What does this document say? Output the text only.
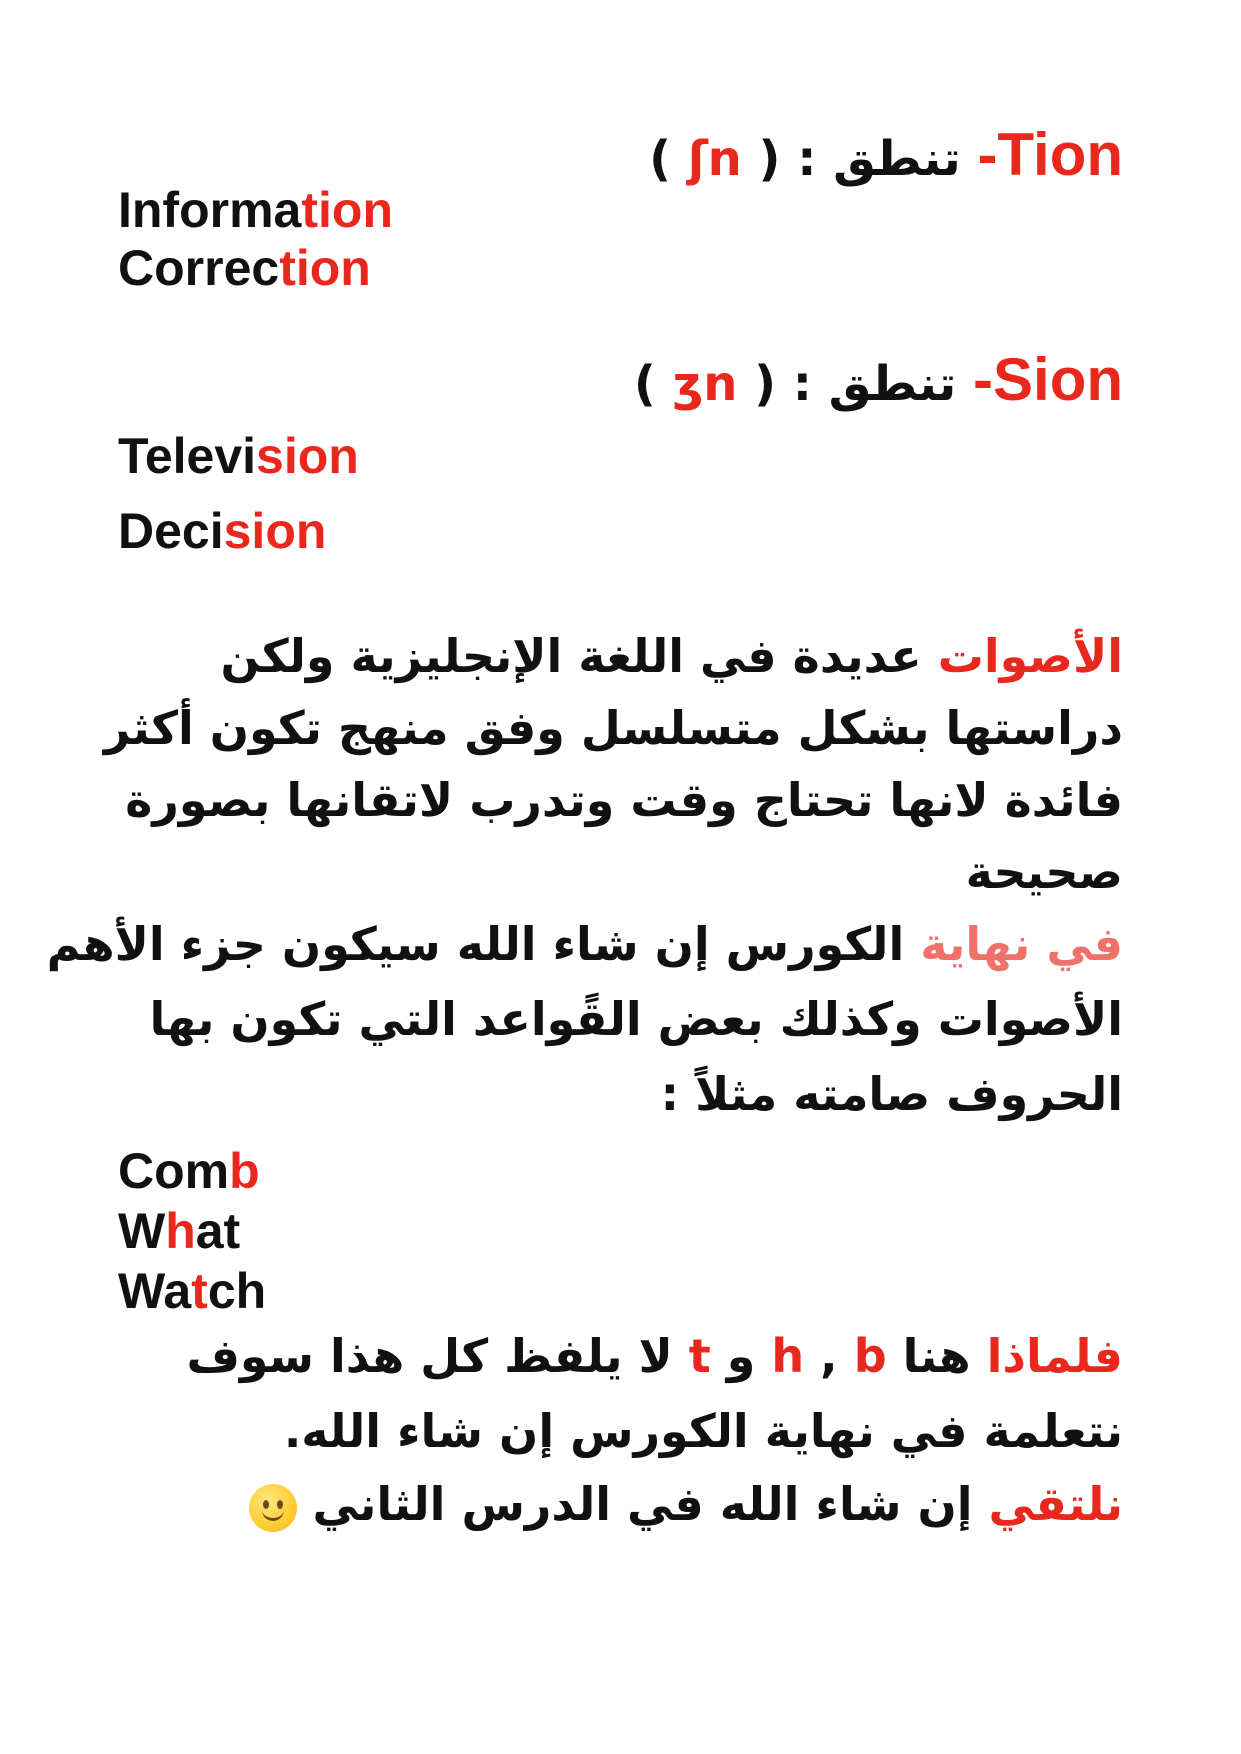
-Tion تنطق ( ʃn ) :
Information
Correction
-Sion تنطق ( ʒn ) :
Television
Decision
الأصوات عديدة في اللغة الإنجليزية ولكن
دراستها بشكل متسلسل وفق منهج تكون أكثر
فائدة لانها تحتاج وقت وتدرب لاتقانها بصورة
صحيحة
في نهاية الكورس إن شاء الله سيكون جزء الأهم
الأصوات وكذلك بعض القًواعد التي تكون بها
الحروف صامته مثلاً :
Comb
What
Watch
فلماذا هنا h , b و t لا يلفظ كل هذا سوف
نتعلمة في نهاية الكورس إن شاء الله.
نلتقي إن شاء الله في الدرس الثاني
